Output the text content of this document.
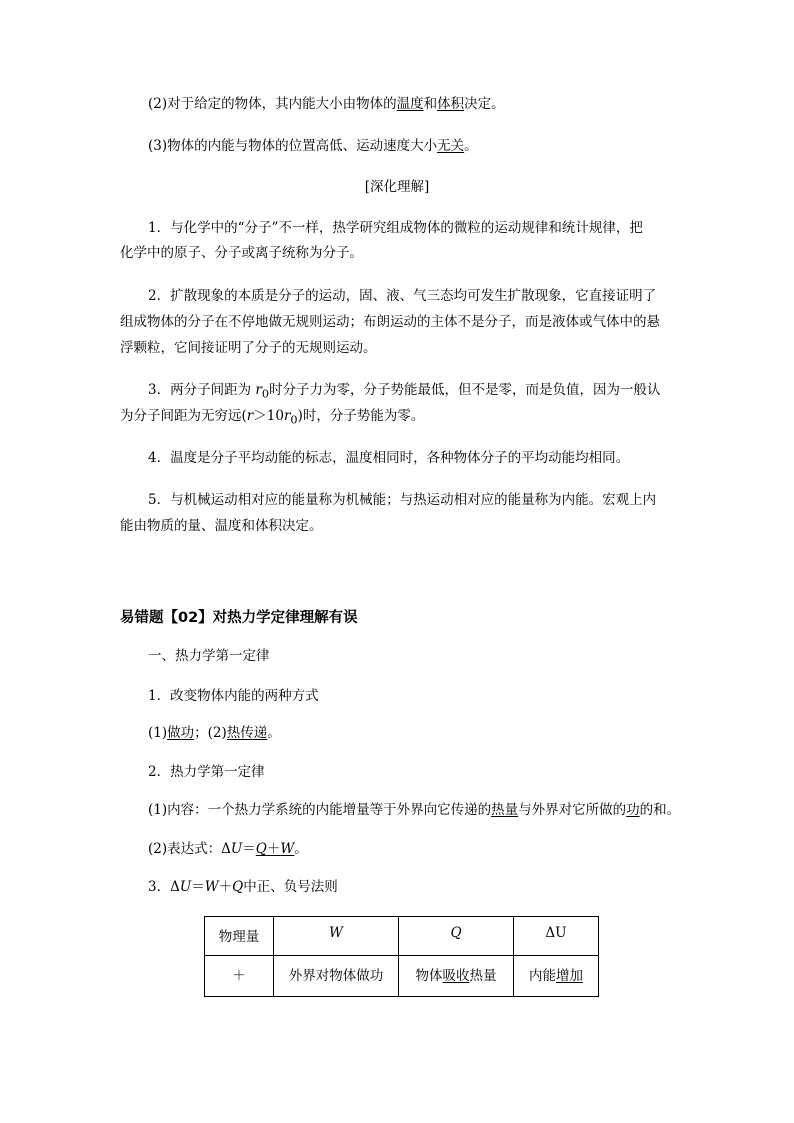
(2)对于给定的物体，其内能大小由物体的温度和体积决定。
(3)物体的内能与物体的位置高低、运动速度大小无关。
[深化理解]
1．与化学中的“分子”不一样，热学研究组成物体的微粒的运动规律和统计规律，把
化学中的原子、分子或离子统称为分子。
2．扩散现象的本质是分子的运动，固、液、气三态均可发生扩散现象，它直接证明了
组成物体的分子在不停地做无规则运动；布朗运动的主体不是分子，而是液体或气体中的悬
浮颗粒，它间接证明了分子的无规则运动。
3．两分子间距为 $r_0$时分子力为零，分子势能最低，但不是零，而是负值，因为一般认
为分子间距为无穷远$(r>10r_0)$时，分子势能为零。
4．温度是分子平均动能的标志，温度相同时，各种物体分子的平均动能均相同。
5．与机械运动相对应的能量称为机械能；与热运动相对应的能量称为内能。宏观上内
能由物质的量、温度和体积决定。
易错题【02】对热力学定律理解有误
一、热力学第一定律
1．改变物体内能的两种方式
(1)做功；(2)热传递。
2．热力学第一定律
(1)内容：一个热力学系统的内能增量等于外界向它传递的热量与外界对它所做的功的和。
(2)表达式：ΔU＝Q＋W。
3．ΔU＝W＋Q中正、负号法则
物理量	W	Q	ΔU
＋	外界对物体做功	物体吸收热量	内能增加
